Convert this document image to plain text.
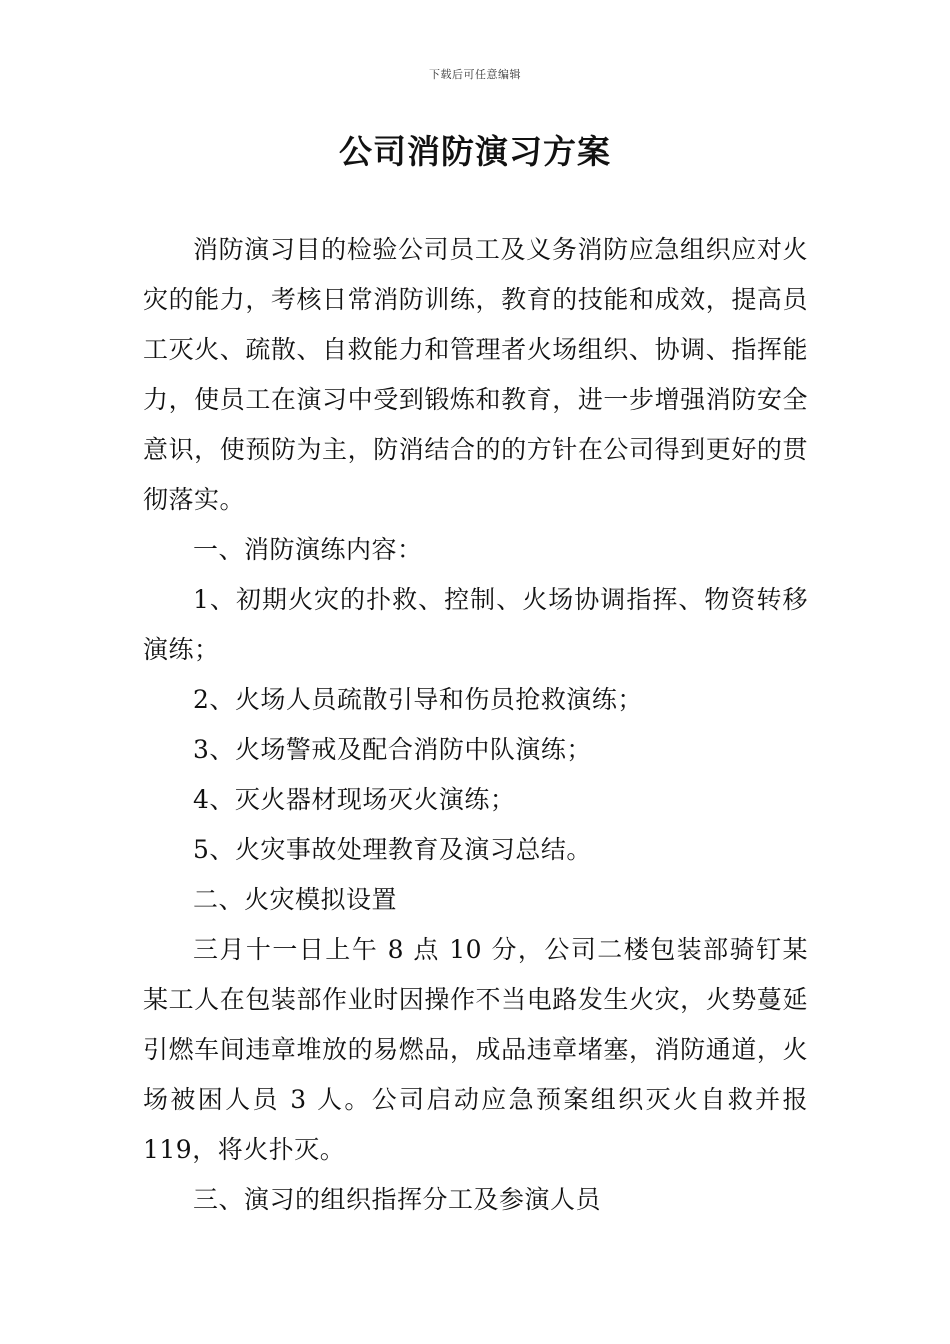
下载后可任意编辑
公司消防演习方案

消防演习目的检验公司员工及义务消防应急组织应对火灾的能力，考核日常消防训练，教育的技能和成效，提高员工灭火、疏散、自救能力和管理者火场组织、协调、指挥能力，使员工在演习中受到锻炼和教育，进一步增强消防安全意识，使预防为主，防消结合的的方针在公司得到更好的贯彻落实。

一、消防演练内容：

1、初期火灾的扑救、控制、火场协调指挥、物资转移演练；

2、火场人员疏散引导和伤员抢救演练；

3、火场警戒及配合消防中队演练；

4、灭火器材现场灭火演练；

5、火灾事故处理教育及演习总结。

二、火灾模拟设置

三月十一日上午 8 点 10 分，公司二楼包装部骑钉某某工人在包装部作业时因操作不当电路发生火灾，火势蔓延引燃车间违章堆放的易燃品，成品违章堵塞，消防通道，火场被困人员 3 人。公司启动应急预案组织灭火自救并报 119，将火扑灭。

三、演习的组织指挥分工及参演人员
